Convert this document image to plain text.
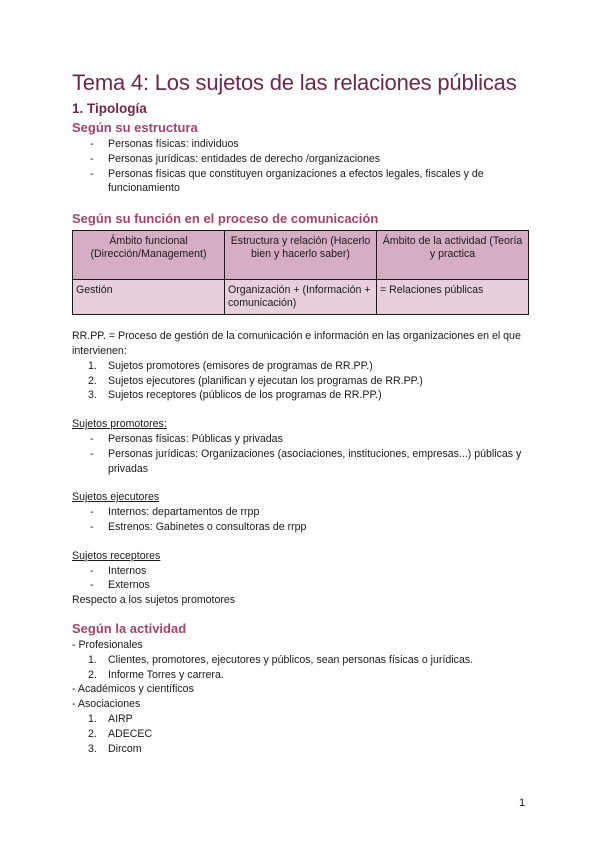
Tema 4: Los sujetos de las relaciones públicas
1. Tipología
Según su estructura
- Personas físicas: individuos
- Personas jurídicas: entidades de derecho /organizaciones
- Personas físicas que constituyen organizaciones a efectos legales, fiscales y de funcionamiento
Según su función en el proceso de comunicación
Ámbito funcional (Dirección/Management)	Estructura y relación (Hacerlo bien y hacerlo saber)	Ámbito de la actividad (Teoría y practica
Gestión	Organización + (Información + comunicación)	= Relaciones públicas

RR.PP. = Proceso de gestión de la comunicación e información en las organizaciones en el que intervienen:

1. Sujetos promotores (emisores de programas de RR.PP.)
2. Sujetos ejecutores (planifican y ejecutan los programas de RR.PP.)
3. Sujetos receptores (públicos de los programas de RR.PP.)

Sujetos promotores:

- Personas físicas: Públicas y privadas
- Personas jurídicas: Organizaciones (asociaciones, instituciones, empresas...) públicas y privadas

Sujetos ejecutores

- Internos: departamentos de rrpp
- Estrenos: Gabinetes o consultoras de rrpp

Sujetos receptores

- Internos
- Externos

Respecto a los sujetos promotores

Según la actividad

- Profesionales

1. Clientes, promotores, ejecutores y públicos, sean personas físicas o jurídicas.
2. Informe Torres y carrera.

- Académicos y científicos

- Asociaciones

1. AIRP
2. ADECEC
3. Dircom
1
